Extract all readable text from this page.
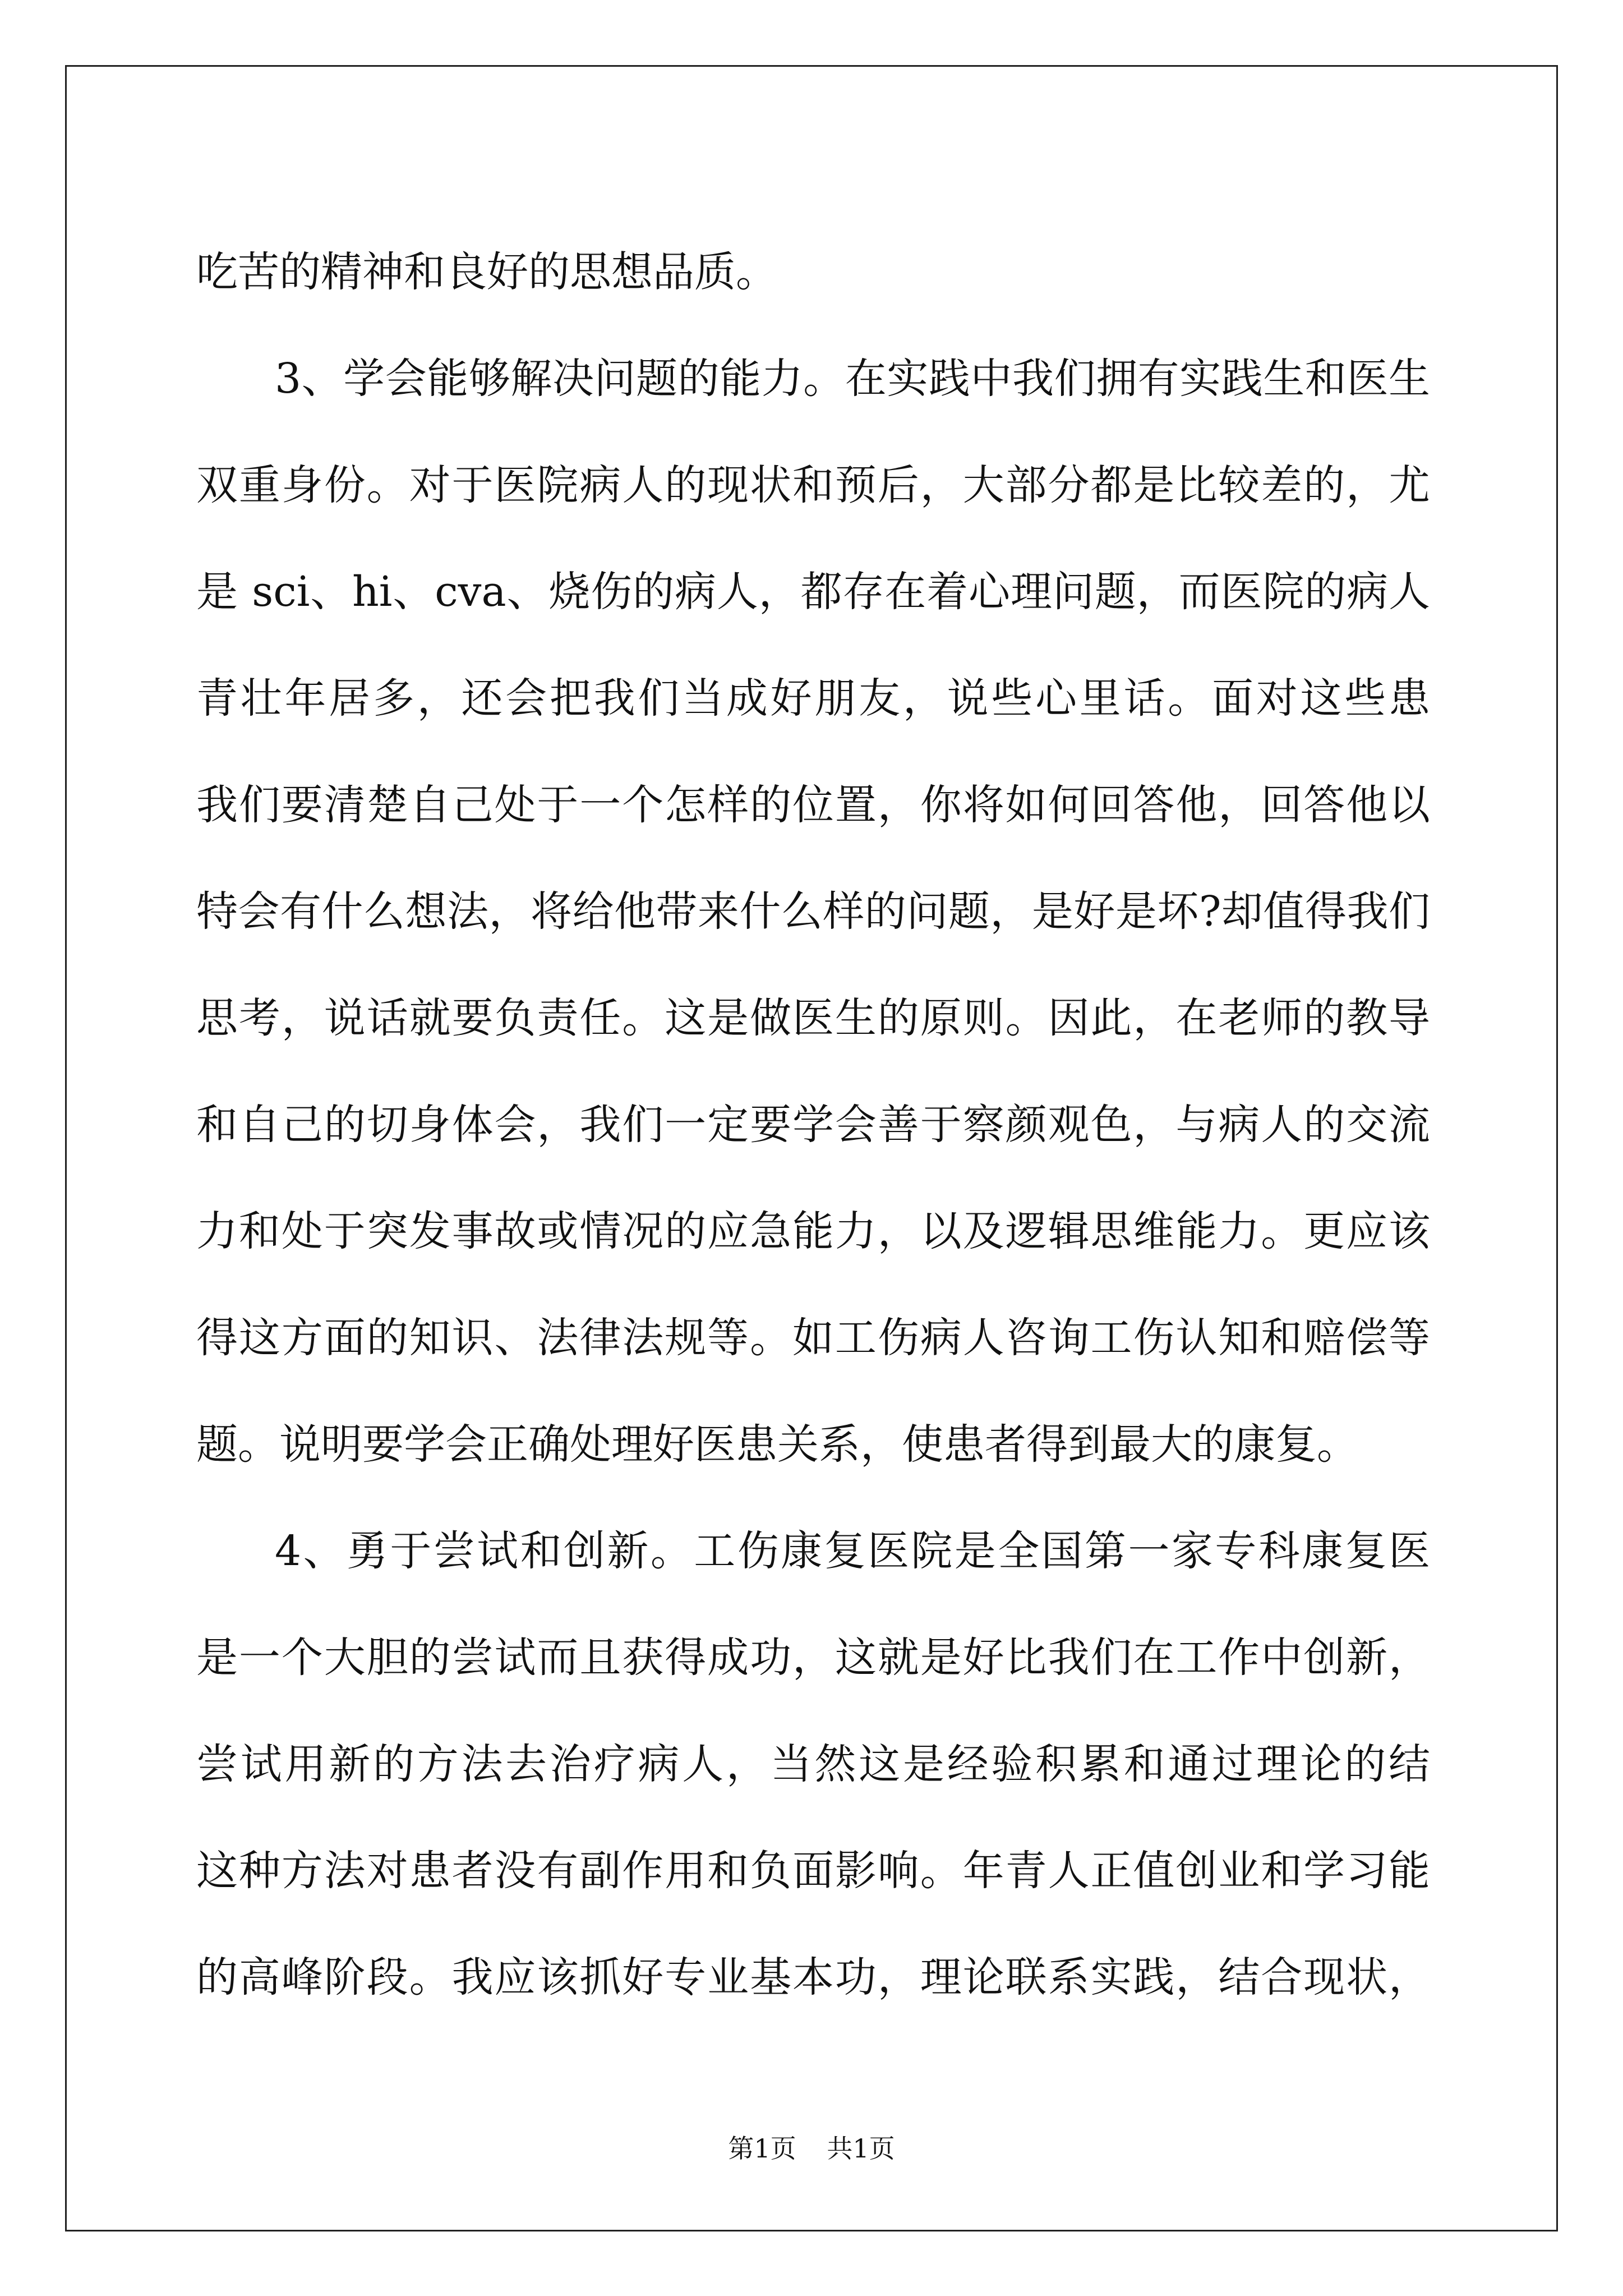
吃苦的精神和良好的思想品质。
3、学会能够解决问题的能力。在实践中我们拥有实践生和医生
双重身份。对于医院病人的现状和预后，大部分都是比较差的，尤
是 sci、hi、cva、烧伤的病人，都存在着心理问题，而医院的病人
青壮年居多，还会把我们当成好朋友，说些心里话。面对这些患
我们要清楚自己处于一个怎样的位置，你将如何回答他，回答他以
特会有什么想法，将给他带来什么样的问题，是好是坏?却值得我们
思考，说话就要负责任。这是做医生的原则。因此，在老师的教导
和自己的切身体会，我们一定要学会善于察颜观色，与病人的交流
力和处于突发事故或情况的应急能力，以及逻辑思维能力。更应该
得这方面的知识、法律法规等。如工伤病人咨询工伤认知和赔偿等
题。说明要学会正确处理好医患关系，使患者得到最大的康复。
4、勇于尝试和创新。工伤康复医院是全国第一家专科康复医
是一个大胆的尝试而且获得成功，这就是好比我们在工作中创新，
尝试用新的方法去治疗病人，当然这是经验积累和通过理论的结
这种方法对患者没有副作用和负面影响。年青人正值创业和学习能
的高峰阶段。我应该抓好专业基本功，理论联系实践，结合现状，
第1页 共1页
